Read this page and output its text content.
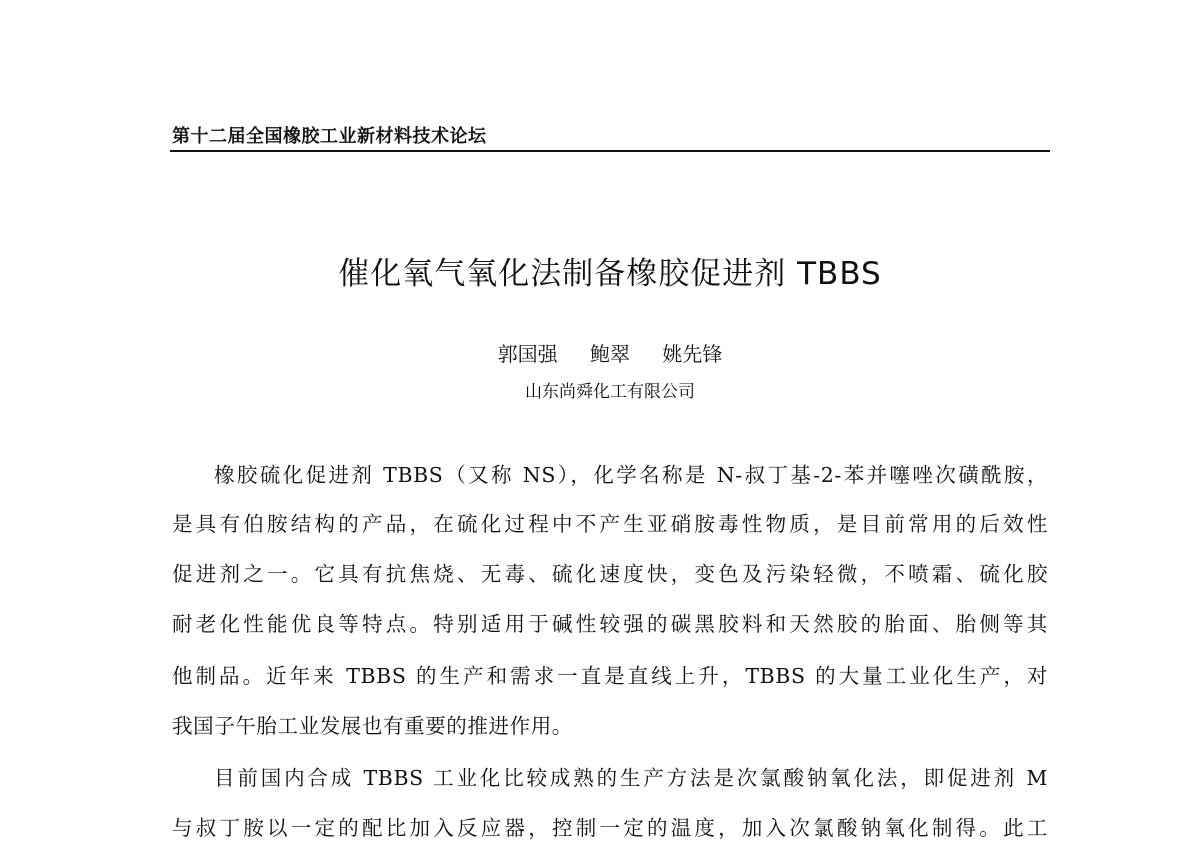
第十二届全国橡胶工业新材料技术论坛
催化氧气氧化法制备橡胶促进剂 TBBS
郭国强 鲍翠 姚先锋
山东尚舜化工有限公司
橡胶硫化促进剂 TBBS（又称 NS），化学名称是 N-叔丁基-2-苯并噻唑次磺酰胺，
是具有伯胺结构的产品，在硫化过程中不产生亚硝胺毒性物质，是目前常用的后效性
促进剂之一。它具有抗焦烧、无毒、硫化速度快，变色及污染轻微，不喷霜、硫化胶
耐老化性能优良等特点。特别适用于碱性较强的碳黑胶料和天然胶的胎面、胎侧等其
他制品。近年来 TBBS 的生产和需求一直是直线上升，TBBS 的大量工业化生产，对
我国子午胎工业发展也有重要的推进作用。
目前国内合成 TBBS 工业化比较成熟的生产方法是次氯酸钠氧化法，即促进剂 M
与叔丁胺以一定的配比加入反应器，控制一定的温度，加入次氯酸钠氧化制得。此工
